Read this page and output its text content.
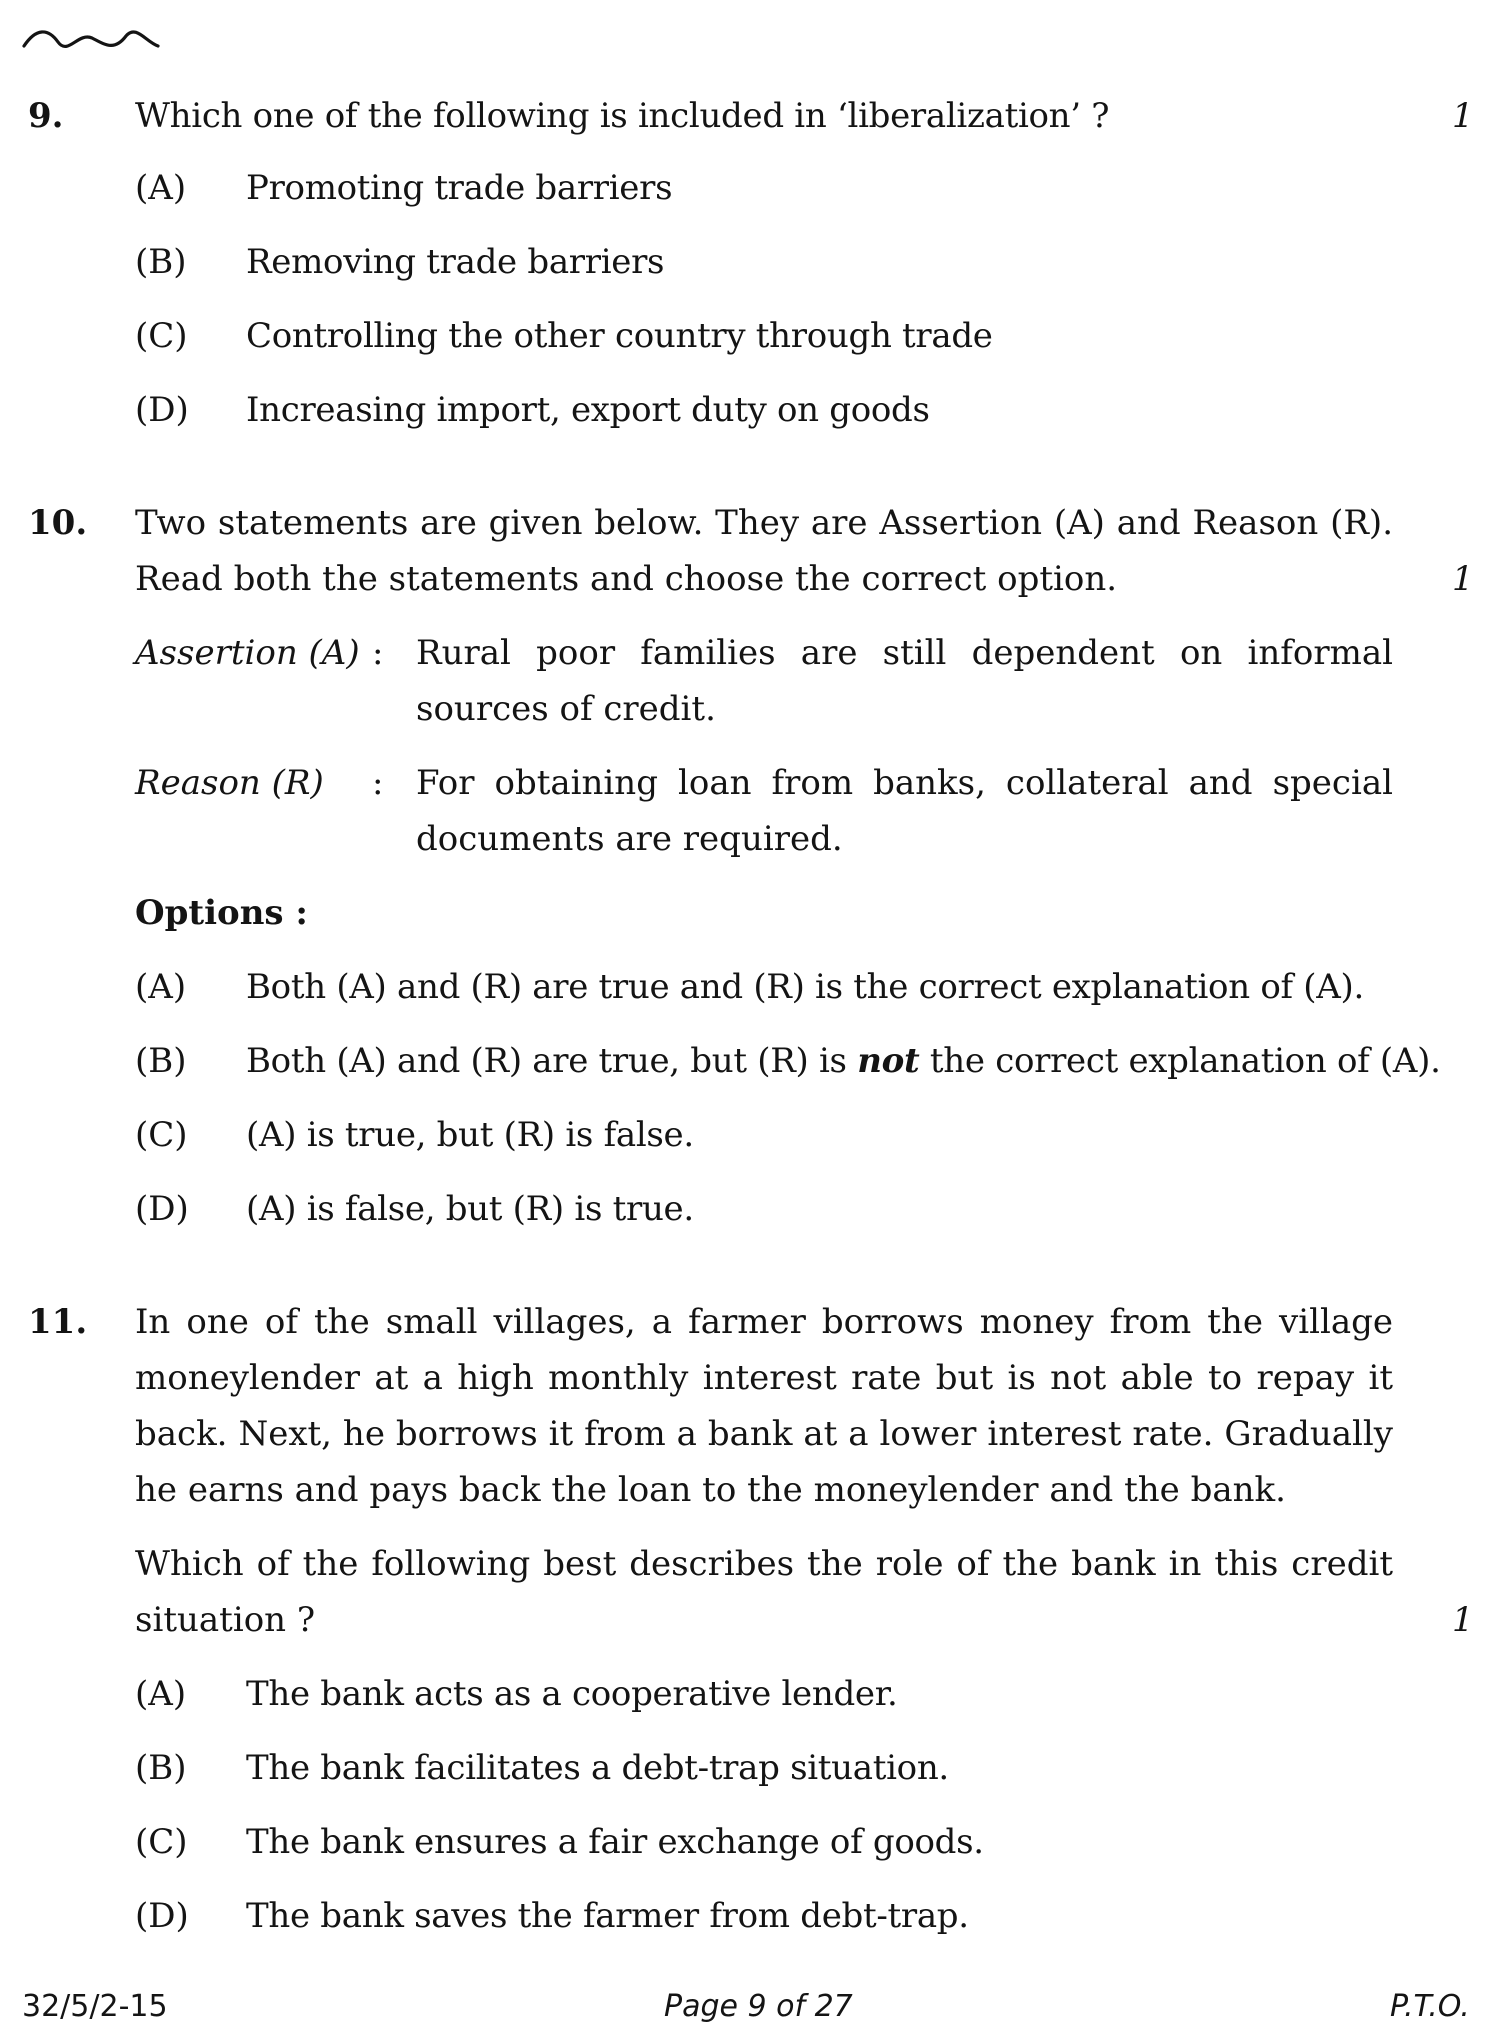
9. Which one of the following is included in ‘liberalization’ ?	1
(A) Promoting trade barriers
(B) Removing trade barriers
(C) Controlling the other country through trade
(D) Increasing import, export duty on goods
10. Two statements are given below. They are Assertion (A) and Reason (R).
Read both the statements and choose the correct option.	1
Assertion (A) : Rural poor families are still dependent on informal
sources of credit.
Reason (R) : For obtaining loan from banks, collateral and special
documents are required.
Options :
(A) Both (A) and (R) are true and (R) is the correct explanation of (A).
(B) Both (A) and (R) are true, but (R) is not the correct explanation of (A).
(C) (A) is true, but (R) is false.
(D) (A) is false, but (R) is true.
11. In one of the small villages, a farmer borrows money from the village
moneylender at a high monthly interest rate but is not able to repay it
back. Next, he borrows it from a bank at a lower interest rate. Gradually
he earns and pays back the loan to the moneylender and the bank.
Which of the following best describes the role of the bank in this credit
situation ?	1
(A) The bank acts as a cooperative lender.
(B) The bank facilitates a debt-trap situation.
(C) The bank ensures a fair exchange of goods.
(D) The bank saves the farmer from debt-trap.
32/5/2-15	Page 9 of 27	P.T.O.
